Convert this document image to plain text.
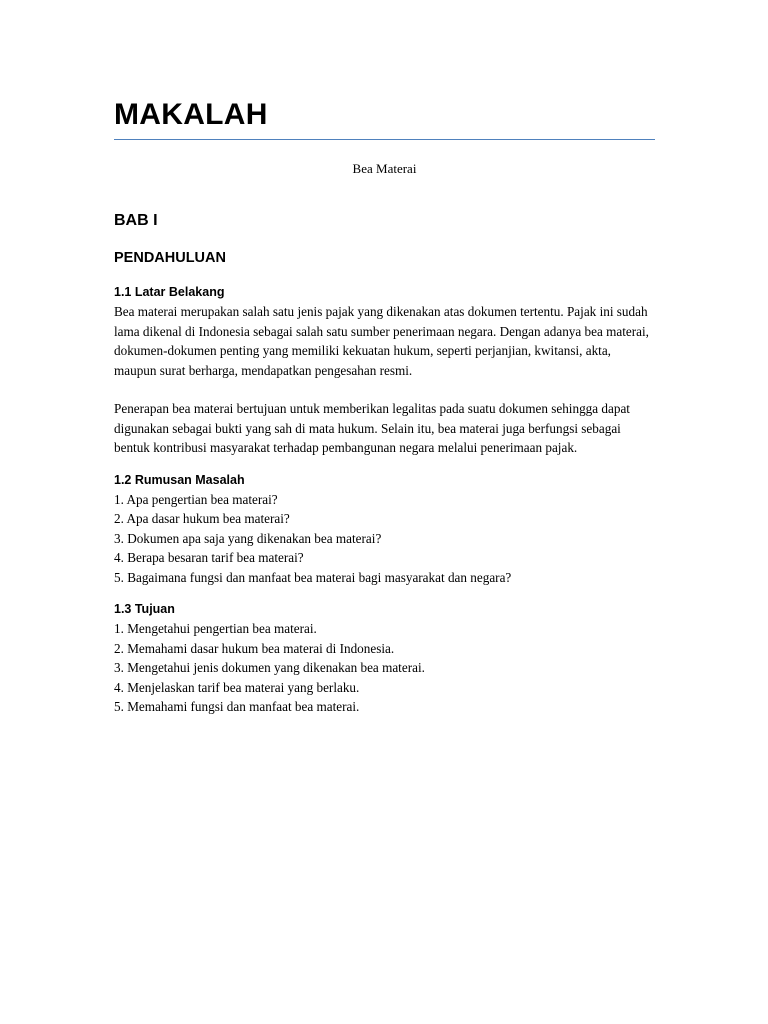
MAKALAH
Bea Materai
BAB I
PENDAHULUAN
1.1 Latar Belakang

Bea materai merupakan salah satu jenis pajak yang dikenakan atas dokumen tertentu. Pajak ini sudah lama dikenal di Indonesia sebagai salah satu sumber penerimaan negara. Dengan adanya bea materai, dokumen-dokumen penting yang memiliki kekuatan hukum, seperti perjanjian, kwitansi, akta, maupun surat berharga, mendapatkan pengesahan resmi.

Penerapan bea materai bertujuan untuk memberikan legalitas pada suatu dokumen sehingga dapat digunakan sebagai bukti yang sah di mata hukum. Selain itu, bea materai juga berfungsi sebagai bentuk kontribusi masyarakat terhadap pembangunan negara melalui penerimaan pajak.

1.2 Rumusan Masalah
1. Apa pengertian bea materai?
2. Apa dasar hukum bea materai?
3. Dokumen apa saja yang dikenakan bea materai?
4. Berapa besaran tarif bea materai?
5. Bagaimana fungsi dan manfaat bea materai bagi masyarakat dan negara?
1.3 Tujuan
1. Mengetahui pengertian bea materai.
2. Memahami dasar hukum bea materai di Indonesia.
3. Mengetahui jenis dokumen yang dikenakan bea materai.
4. Menjelaskan tarif bea materai yang berlaku.
5. Memahami fungsi dan manfaat bea materai.
